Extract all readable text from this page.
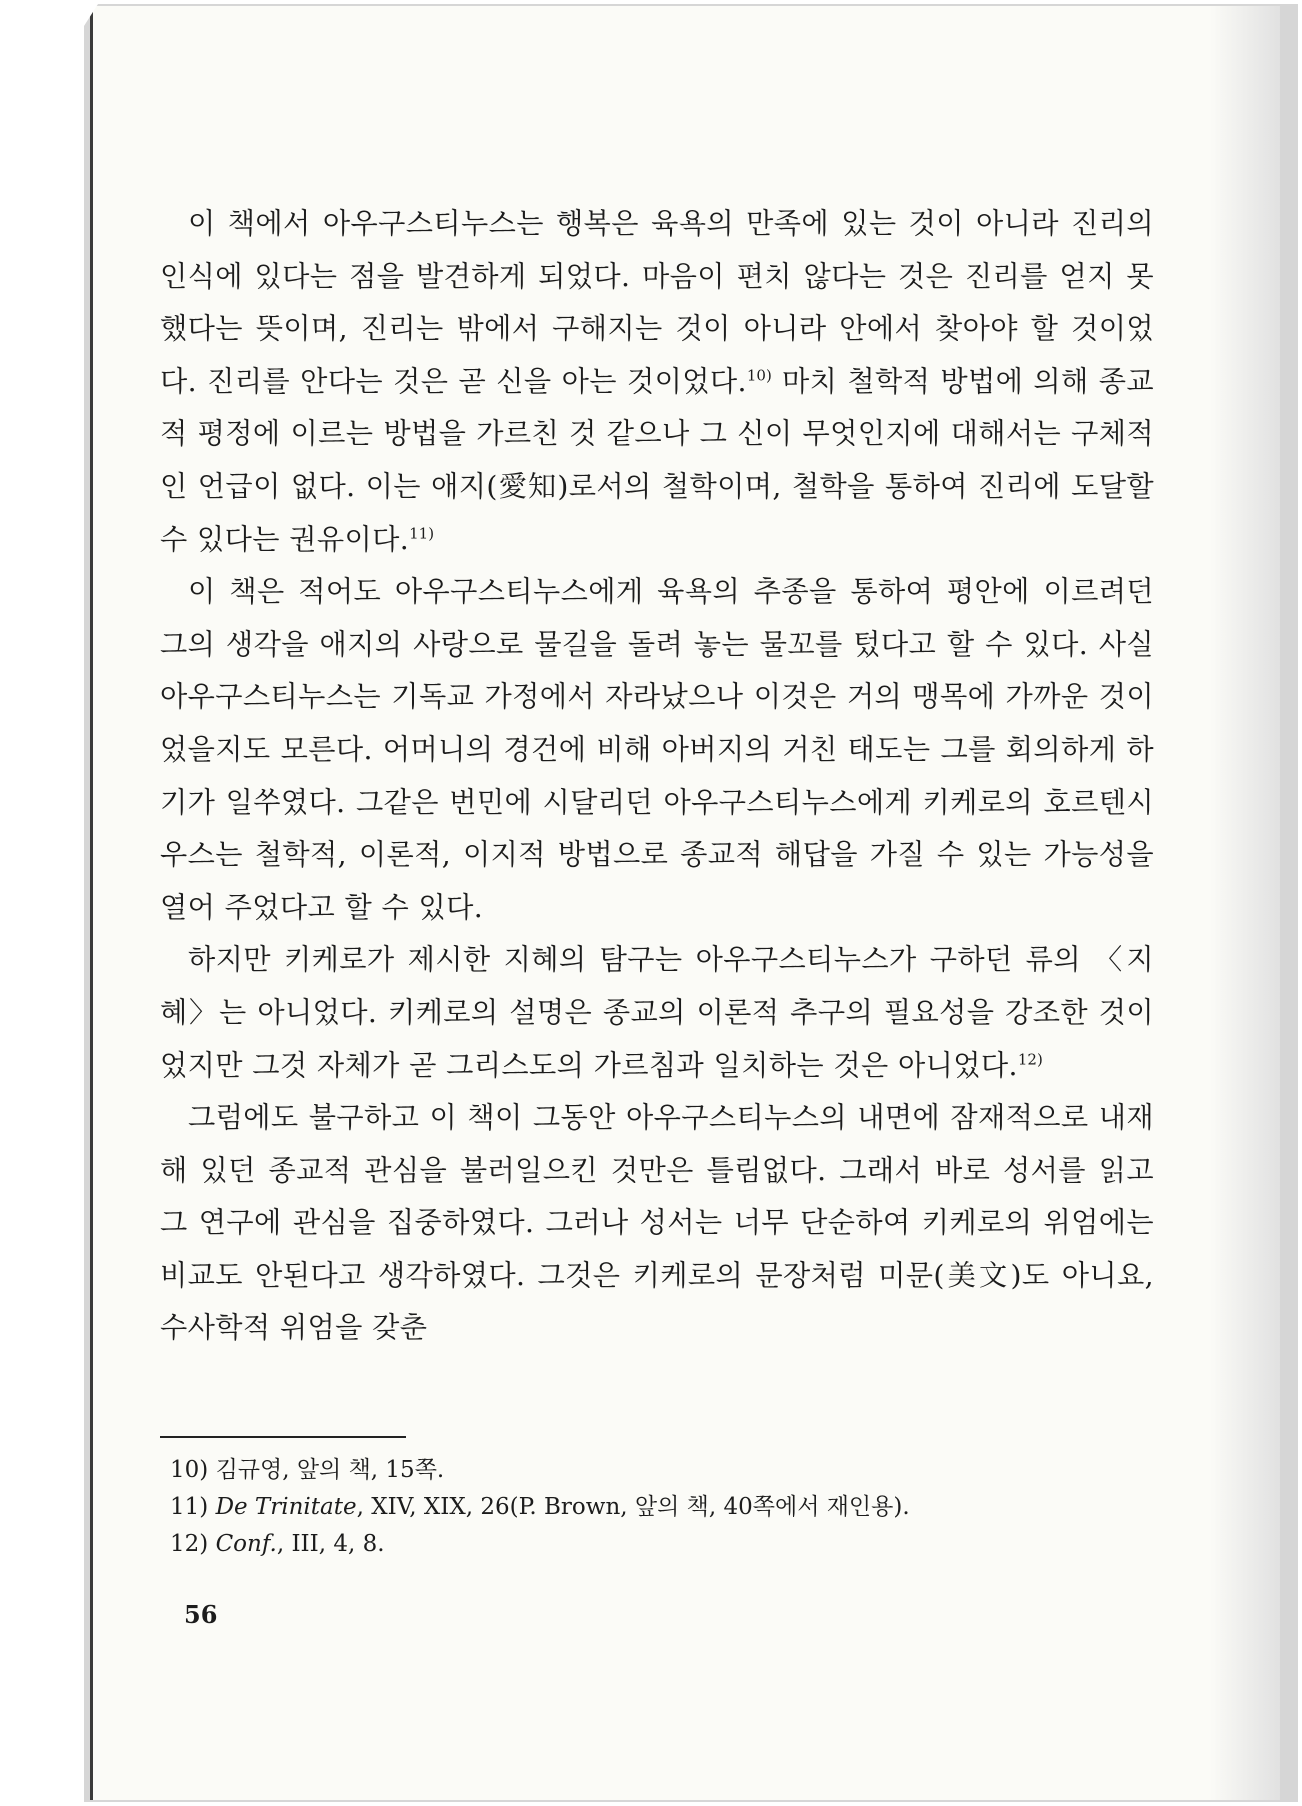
이 책에서 아우구스티누스는 행복은 육욕의 만족에 있는 것이 아니라 진리의 인식에 있다는 점을 발견하게 되었다. 마음이 편치 않다는 것은 진리를 얻지 못했다는 뜻이며, 진리는 밖에서 구해지는 것이 아니라 안에서 찾아야 할 것이었다. 진리를 안다는 것은 곧 신을 아는 것이었다.$^{10)}$ 마치 철학적 방법에 의해 종교적 평정에 이르는 방법을 가르친 것 같으나 그 신이 무엇인지에 대해서는 구체적인 언급이 없다. 이는 애지(愛知)로서의 철학이며, 철학을 통하여 진리에 도달할 수 있다는 권유이다.$^{11)}$

이 책은 적어도 아우구스티누스에게 육욕의 추종을 통하여 평안에 이르려던 그의 생각을 애지의 사랑으로 물길을 돌려 놓는 물꼬를 텄다고 할 수 있다. 사실 아우구스티누스는 기독교 가정에서 자라났으나 이것은 거의 맹목에 가까운 것이었을지도 모른다. 어머니의 경건에 비해 아버지의 거친 태도는 그를 회의하게 하기가 일쑤였다. 그같은 번민에 시달리던 아우구스티누스에게 키케로의 호르텐시우스는 철학적, 이론적, 이지적 방법으로 종교적 해답을 가질 수 있는 가능성을 열어 주었다고 할 수 있다.

하지만 키케로가 제시한 지혜의 탐구는 아우구스티누스가 구하던 류의 〈지혜〉는 아니었다. 키케로의 설명은 종교의 이론적 추구의 필요성을 강조한 것이었지만 그것 자체가 곧 그리스도의 가르침과 일치하는 것은 아니었다.$^{12)}$

그럼에도 불구하고 이 책이 그동안 아우구스티누스의 내면에 잠재적으로 내재해 있던 종교적 관심을 불러일으킨 것만은 틀림없다. 그래서 바로 성서를 읽고 그 연구에 관심을 집중하였다. 그러나 성서는 너무 단순하여 키케로의 위엄에는 비교도 안된다고 생각하였다. 그것은 키케로의 문장처럼 미문(美文)도 아니요, 수사학적 위엄을 갖춘

10) 김규영, 앞의 책, 15쪽.
11) De Trinitate, XIV, XIX, 26(P. Brown, 앞의 책, 40쪽에서 재인용).
12) Conf., III, 4, 8.
56
